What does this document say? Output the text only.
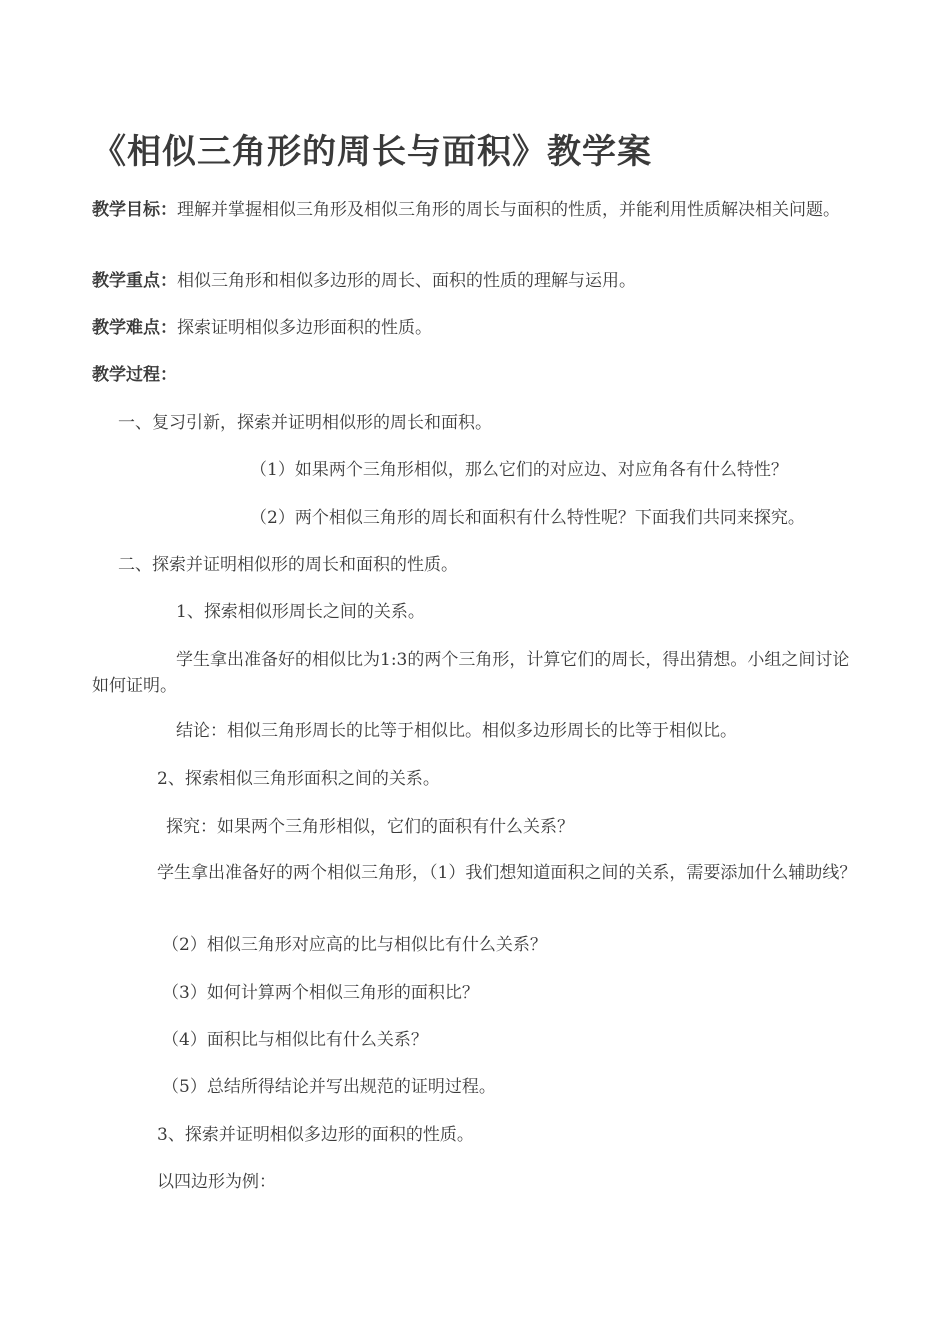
《相似三角形的周长与面积》教学案
教学目标：理解并掌握相似三角形及相似三角形的周长与面积的性质，并能利用性质解决相关问题。
教学重点：相似三角形和相似多边形的周长、面积的性质的理解与运用。
教学难点：探索证明相似多边形面积的性质。
教学过程：
一、复习引新，探索并证明相似形的周长和面积。
（1）如果两个三角形相似，那么它们的对应边、对应角各有什么特性？
（2）两个相似三角形的周长和面积有什么特性呢？下面我们共同来探究。
二、探索并证明相似形的周长和面积的性质。
1、探索相似形周长之间的关系。
学生拿出准备好的相似比为1:3的两个三角形，计算它们的周长，得出猜想。小组之间讨论如何证明。
结论：相似三角形周长的比等于相似比。相似多边形周长的比等于相似比。
2、探索相似三角形面积之间的关系。
探究：如果两个三角形相似，它们的面积有什么关系？
学生拿出准备好的两个相似三角形，（1）我们想知道面积之间的关系，需要添加什么辅助线？
（2）相似三角形对应高的比与相似比有什么关系？
（3）如何计算两个相似三角形的面积比？
（4）面积比与相似比有什么关系？
（5）总结所得结论并写出规范的证明过程。
3、探索并证明相似多边形的面积的性质。
以四边形为例：
